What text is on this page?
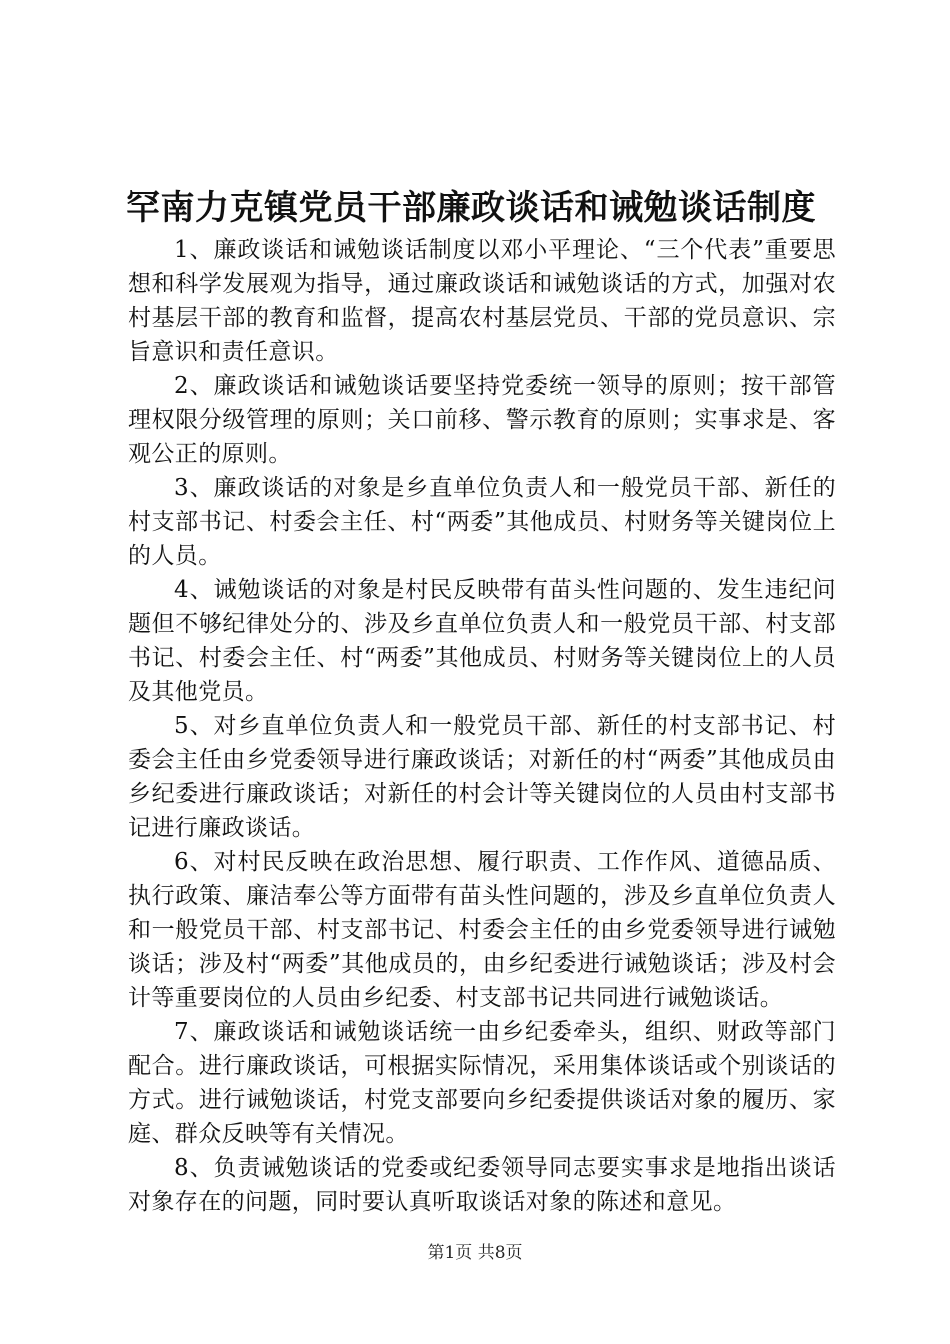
罕南力克镇党员干部廉政谈话和诫勉谈话制度

1、廉政谈话和诫勉谈话制度以邓小平理论、“三个代表”重要思想和科学发展观为指导，通过廉政谈话和诫勉谈话的方式，加强对农村基层干部的教育和监督，提高农村基层党员、干部的党员意识、宗旨意识和责任意识。

2、廉政谈话和诫勉谈话要坚持党委统一领导的原则；按干部管理权限分级管理的原则；关口前移、警示教育的原则；实事求是、客观公正的原则。

3、廉政谈话的对象是乡直单位负责人和一般党员干部、新任的村支部书记、村委会主任、村“两委”其他成员、村财务等关键岗位上的人员。

4、诫勉谈话的对象是村民反映带有苗头性问题的、发生违纪问题但不够纪律处分的、涉及乡直单位负责人和一般党员干部、村支部书记、村委会主任、村“两委”其他成员、村财务等关键岗位上的人员及其他党员。

5、对乡直单位负责人和一般党员干部、新任的村支部书记、村委会主任由乡党委领导进行廉政谈话；对新任的村“两委”其他成员由乡纪委进行廉政谈话；对新任的村会计等关键岗位的人员由村支部书记进行廉政谈话。

6、对村民反映在政治思想、履行职责、工作作风、道德品质、执行政策、廉洁奉公等方面带有苗头性问题的，涉及乡直单位负责人和一般党员干部、村支部书记、村委会主任的由乡党委领导进行诫勉谈话；涉及村“两委”其他成员的，由乡纪委进行诫勉谈话；涉及村会计等重要岗位的人员由乡纪委、村支部书记共同进行诫勉谈话。

7、廉政谈话和诫勉谈话统一由乡纪委牵头，组织、财政等部门配合。进行廉政谈话，可根据实际情况，采用集体谈话或个别谈话的方式。进行诫勉谈话，村党支部要向乡纪委提供谈话对象的履历、家庭、群众反映等有关情况。

8、负责诫勉谈话的党委或纪委领导同志要实事求是地指出谈话对象存在的问题，同时要认真听取谈话对象的陈述和意见。

第1页 共8页
